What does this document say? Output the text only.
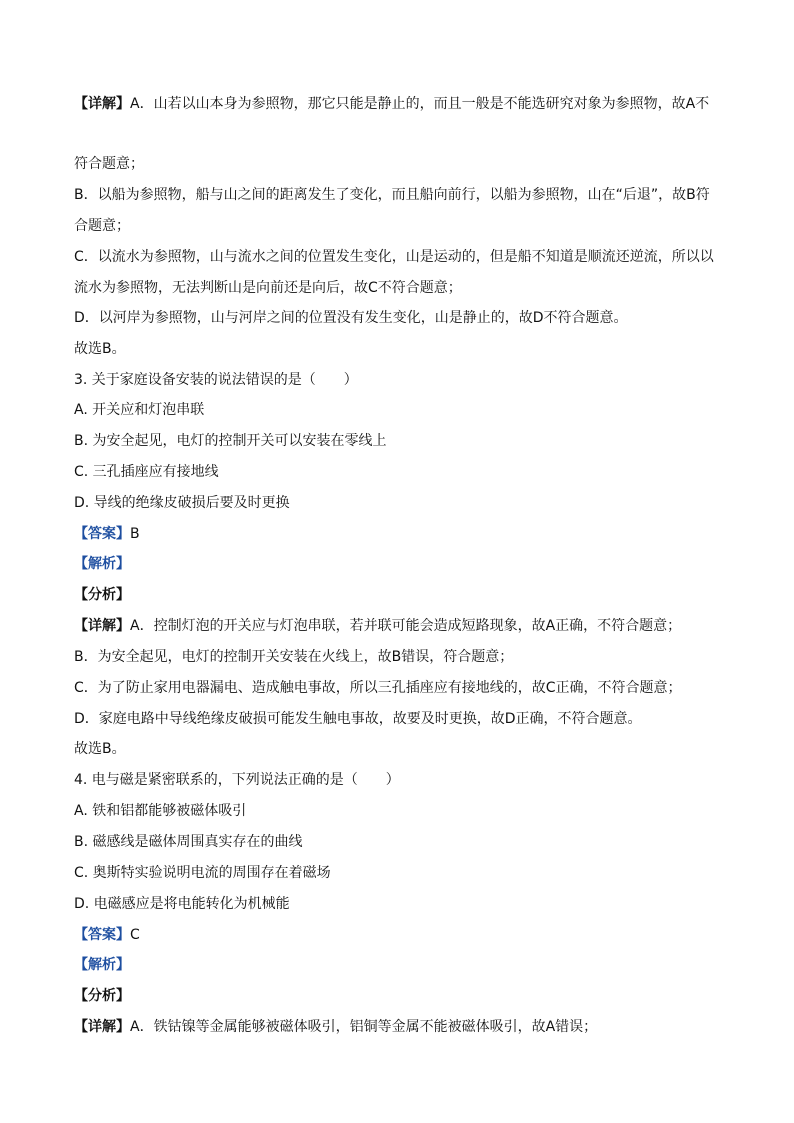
【详解】A．山若以山本身为参照物，那它只能是静止的，而且一般是不能选研究对象为参照物，故A不
符合题意；
B．以船为参照物，船与山之间的距离发生了变化，而且船向前行，以船为参照物，山在“后退”，故B符
合题意；
C．以流水为参照物，山与流水之间的位置发生变化，山是运动的，但是船不知道是顺流还逆流，所以以
流水为参照物，无法判断山是向前还是向后，故C不符合题意；
D．以河岸为参照物，山与河岸之间的位置没有发生变化，山是静止的，故D不符合题意。
故选B。
3. 关于家庭设备安装的说法错误的是（　　）
A. 开关应和灯泡串联
B. 为安全起见，电灯的控制开关可以安装在零线上
C. 三孔插座应有接地线
D. 导线的绝缘皮破损后要及时更换
【答案】B
【解析】
【分析】
【详解】A．控制灯泡的开关应与灯泡串联，若并联可能会造成短路现象，故A正确，不符合题意；
B．为安全起见，电灯的控制开关安装在火线上，故B错误，符合题意；
C．为了防止家用电器漏电、造成触电事故，所以三孔插座应有接地线的，故C正确，不符合题意；
D．家庭电路中导线绝缘皮破损可能发生触电事故，故要及时更换，故D正确，不符合题意。
故选B。
4. 电与磁是紧密联系的，下列说法正确的是（　　）
A. 铁和铝都能够被磁体吸引
B. 磁感线是磁体周围真实存在的曲线
C. 奥斯特实验说明电流的周围存在着磁场
D. 电磁感应是将电能转化为机械能
【答案】C
【解析】
【分析】
【详解】A．铁钴镍等金属能够被磁体吸引，铝铜等金属不能被磁体吸引，故A错误；
